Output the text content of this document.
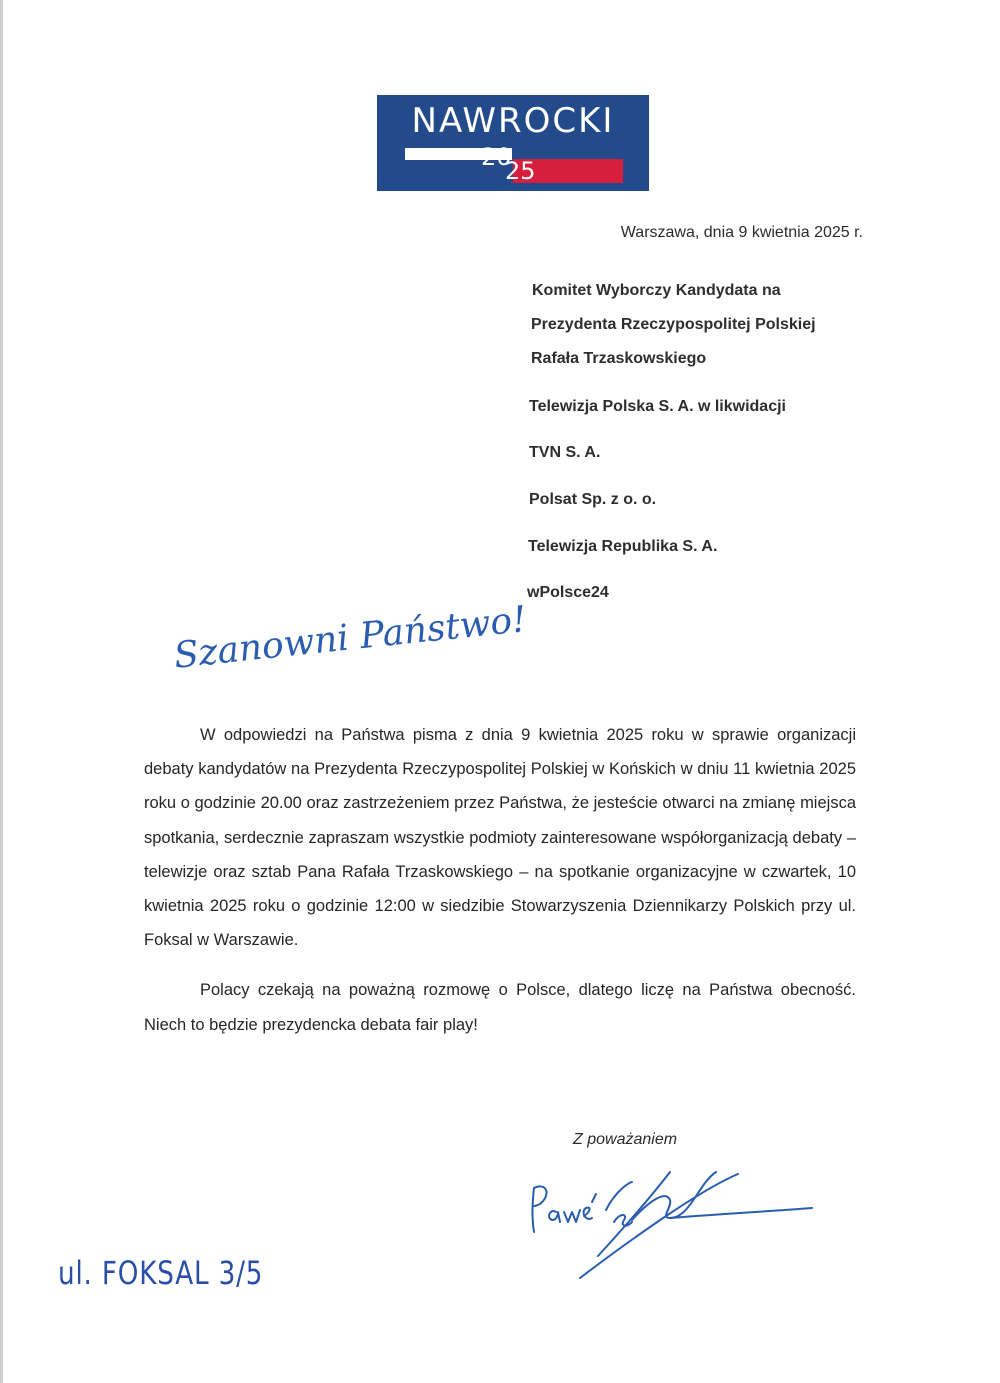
NAWROCKI
20
25
Warszawa, dnia 9 kwietnia 2025 r.
Komitet Wyborczy Kandydata na
Prezydenta Rzeczypospolitej Polskiej
Rafała Trzaskowskiego
Telewizja Polska S. A. w likwidacji
TVN S. A.
Polsat Sp. z o. o.
Telewizja Republika S. A.
wPolsce24
Szanowni Państwo!

W odpowiedzi na Państwa pisma z dnia 9 kwietnia 2025 roku w sprawie organizacji debaty kandydatów na Prezydenta Rzeczypospolitej Polskiej w Końskich w dniu 11 kwietnia 2025 roku o godzinie 20.00 oraz zastrzeżeniem przez Państwa, że jesteście otwarci na zmianę miejsca spotkania, serdecznie zapraszam wszystkie podmioty zainteresowane współorganizacją debaty – telewizje oraz sztab Pana Rafała Trzaskowskiego – na spotkanie organizacyjne w czwartek, 10 kwietnia 2025 roku o godzinie 12:00 w siedzibie Stowarzyszenia Dziennikarzy Polskich przy ul. Foksal w Warszawie.

Polacy czekają na poważną rozmowę o Polsce, dlatego liczę na Państwa obecność. Niech to będzie prezydencka debata fair play!

Z poważaniem
ul. FOKSAL 3/5
